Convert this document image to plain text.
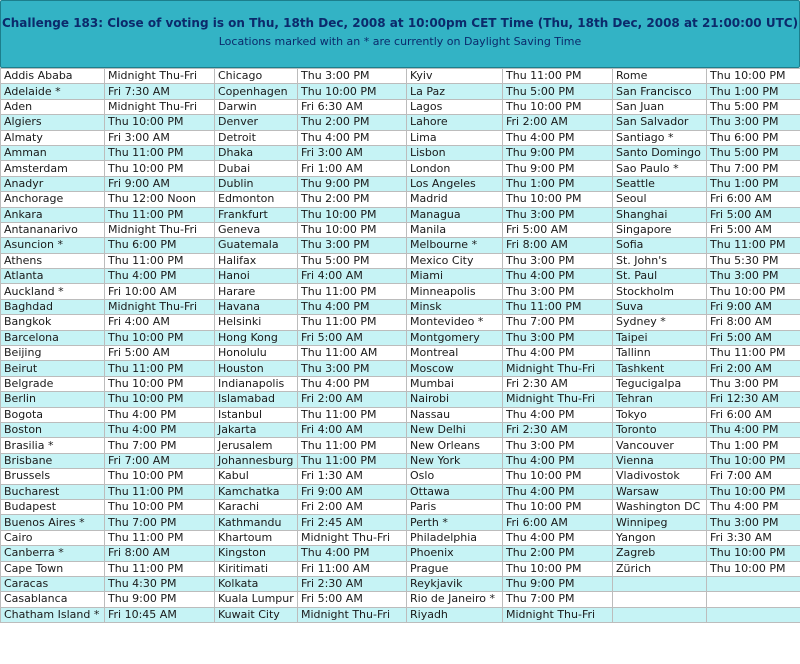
Challenge 183: Close of voting is on Thu, 18th Dec, 2008 at 10:00pm CET Time (Thu, 18th Dec, 2008 at 21:00:00 UTC)
Locations marked with an * are currently on Daylight Saving Time
Addis Ababa	Midnight Thu-Fri	Chicago	Thu 3:00 PM	Kyiv	Thu 11:00 PM	Rome	Thu 10:00 PM
Adelaide *	Fri 7:30 AM	Copenhagen	Thu 10:00 PM	La Paz	Thu 5:00 PM	San Francisco	Thu 1:00 PM
Aden	Midnight Thu-Fri	Darwin	Fri 6:30 AM	Lagos	Thu 10:00 PM	San Juan	Thu 5:00 PM
Algiers	Thu 10:00 PM	Denver	Thu 2:00 PM	Lahore	Fri 2:00 AM	San Salvador	Thu 3:00 PM
Almaty	Fri 3:00 AM	Detroit	Thu 4:00 PM	Lima	Thu 4:00 PM	Santiago *	Thu 6:00 PM
Amman	Thu 11:00 PM	Dhaka	Fri 3:00 AM	Lisbon	Thu 9:00 PM	Santo Domingo	Thu 5:00 PM
Amsterdam	Thu 10:00 PM	Dubai	Fri 1:00 AM	London	Thu 9:00 PM	Sao Paulo *	Thu 7:00 PM
Anadyr	Fri 9:00 AM	Dublin	Thu 9:00 PM	Los Angeles	Thu 1:00 PM	Seattle	Thu 1:00 PM
Anchorage	Thu 12:00 Noon	Edmonton	Thu 2:00 PM	Madrid	Thu 10:00 PM	Seoul	Fri 6:00 AM
Ankara	Thu 11:00 PM	Frankfurt	Thu 10:00 PM	Managua	Thu 3:00 PM	Shanghai	Fri 5:00 AM
Antananarivo	Midnight Thu-Fri	Geneva	Thu 10:00 PM	Manila	Fri 5:00 AM	Singapore	Fri 5:00 AM
Asuncion *	Thu 6:00 PM	Guatemala	Thu 3:00 PM	Melbourne *	Fri 8:00 AM	Sofia	Thu 11:00 PM
Athens	Thu 11:00 PM	Halifax	Thu 5:00 PM	Mexico City	Thu 3:00 PM	St. John's	Thu 5:30 PM
Atlanta	Thu 4:00 PM	Hanoi	Fri 4:00 AM	Miami	Thu 4:00 PM	St. Paul	Thu 3:00 PM
Auckland *	Fri 10:00 AM	Harare	Thu 11:00 PM	Minneapolis	Thu 3:00 PM	Stockholm	Thu 10:00 PM
Baghdad	Midnight Thu-Fri	Havana	Thu 4:00 PM	Minsk	Thu 11:00 PM	Suva	Fri 9:00 AM
Bangkok	Fri 4:00 AM	Helsinki	Thu 11:00 PM	Montevideo *	Thu 7:00 PM	Sydney *	Fri 8:00 AM
Barcelona	Thu 10:00 PM	Hong Kong	Fri 5:00 AM	Montgomery	Thu 3:00 PM	Taipei	Fri 5:00 AM
Beijing	Fri 5:00 AM	Honolulu	Thu 11:00 AM	Montreal	Thu 4:00 PM	Tallinn	Thu 11:00 PM
Beirut	Thu 11:00 PM	Houston	Thu 3:00 PM	Moscow	Midnight Thu-Fri	Tashkent	Fri 2:00 AM
Belgrade	Thu 10:00 PM	Indianapolis	Thu 4:00 PM	Mumbai	Fri 2:30 AM	Tegucigalpa	Thu 3:00 PM
Berlin	Thu 10:00 PM	Islamabad	Fri 2:00 AM	Nairobi	Midnight Thu-Fri	Tehran	Fri 12:30 AM
Bogota	Thu 4:00 PM	Istanbul	Thu 11:00 PM	Nassau	Thu 4:00 PM	Tokyo	Fri 6:00 AM
Boston	Thu 4:00 PM	Jakarta	Fri 4:00 AM	New Delhi	Fri 2:30 AM	Toronto	Thu 4:00 PM
Brasilia *	Thu 7:00 PM	Jerusalem	Thu 11:00 PM	New Orleans	Thu 3:00 PM	Vancouver	Thu 1:00 PM
Brisbane	Fri 7:00 AM	Johannesburg	Thu 11:00 PM	New York	Thu 4:00 PM	Vienna	Thu 10:00 PM
Brussels	Thu 10:00 PM	Kabul	Fri 1:30 AM	Oslo	Thu 10:00 PM	Vladivostok	Fri 7:00 AM
Bucharest	Thu 11:00 PM	Kamchatka	Fri 9:00 AM	Ottawa	Thu 4:00 PM	Warsaw	Thu 10:00 PM
Budapest	Thu 10:00 PM	Karachi	Fri 2:00 AM	Paris	Thu 10:00 PM	Washington DC	Thu 4:00 PM
Buenos Aires *	Thu 7:00 PM	Kathmandu	Fri 2:45 AM	Perth *	Fri 6:00 AM	Winnipeg	Thu 3:00 PM
Cairo	Thu 11:00 PM	Khartoum	Midnight Thu-Fri	Philadelphia	Thu 4:00 PM	Yangon	Fri 3:30 AM
Canberra *	Fri 8:00 AM	Kingston	Thu 4:00 PM	Phoenix	Thu 2:00 PM	Zagreb	Thu 10:00 PM
Cape Town	Thu 11:00 PM	Kiritimati	Fri 11:00 AM	Prague	Thu 10:00 PM	Zürich	Thu 10:00 PM
Caracas	Thu 4:30 PM	Kolkata	Fri 2:30 AM	Reykjavik	Thu 9:00 PM		
Casablanca	Thu 9:00 PM	Kuala Lumpur	Fri 5:00 AM	Rio de Janeiro *	Thu 7:00 PM		
Chatham Island *	Fri 10:45 AM	Kuwait City	Midnight Thu-Fri	Riyadh	Midnight Thu-Fri		
